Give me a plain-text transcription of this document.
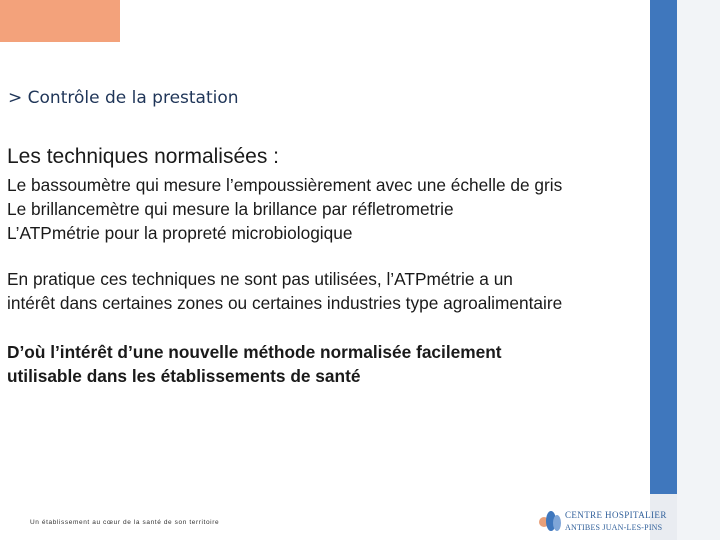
> Contrôle de la prestation
Les techniques normalisées :
Le bassoumètre qui mesure l’empoussièrement avec une échelle de gris
Le brillancemètre qui mesure la brillance par réfletrometrie
L’ATPmétrie pour la propreté microbiologique
En pratique ces techniques ne sont pas utilisées, l’ATPmétrie a un
intérêt dans certaines zones ou certaines industries type agroalimentaire
D’où l’intérêt d’une nouvelle méthode normalisée facilement
utilisable dans les établissements de santé
Un établissement au cœur de la santé de son territoire
CENTRE HOSPITALIER
ANTIBES JUAN-LES-PINS
